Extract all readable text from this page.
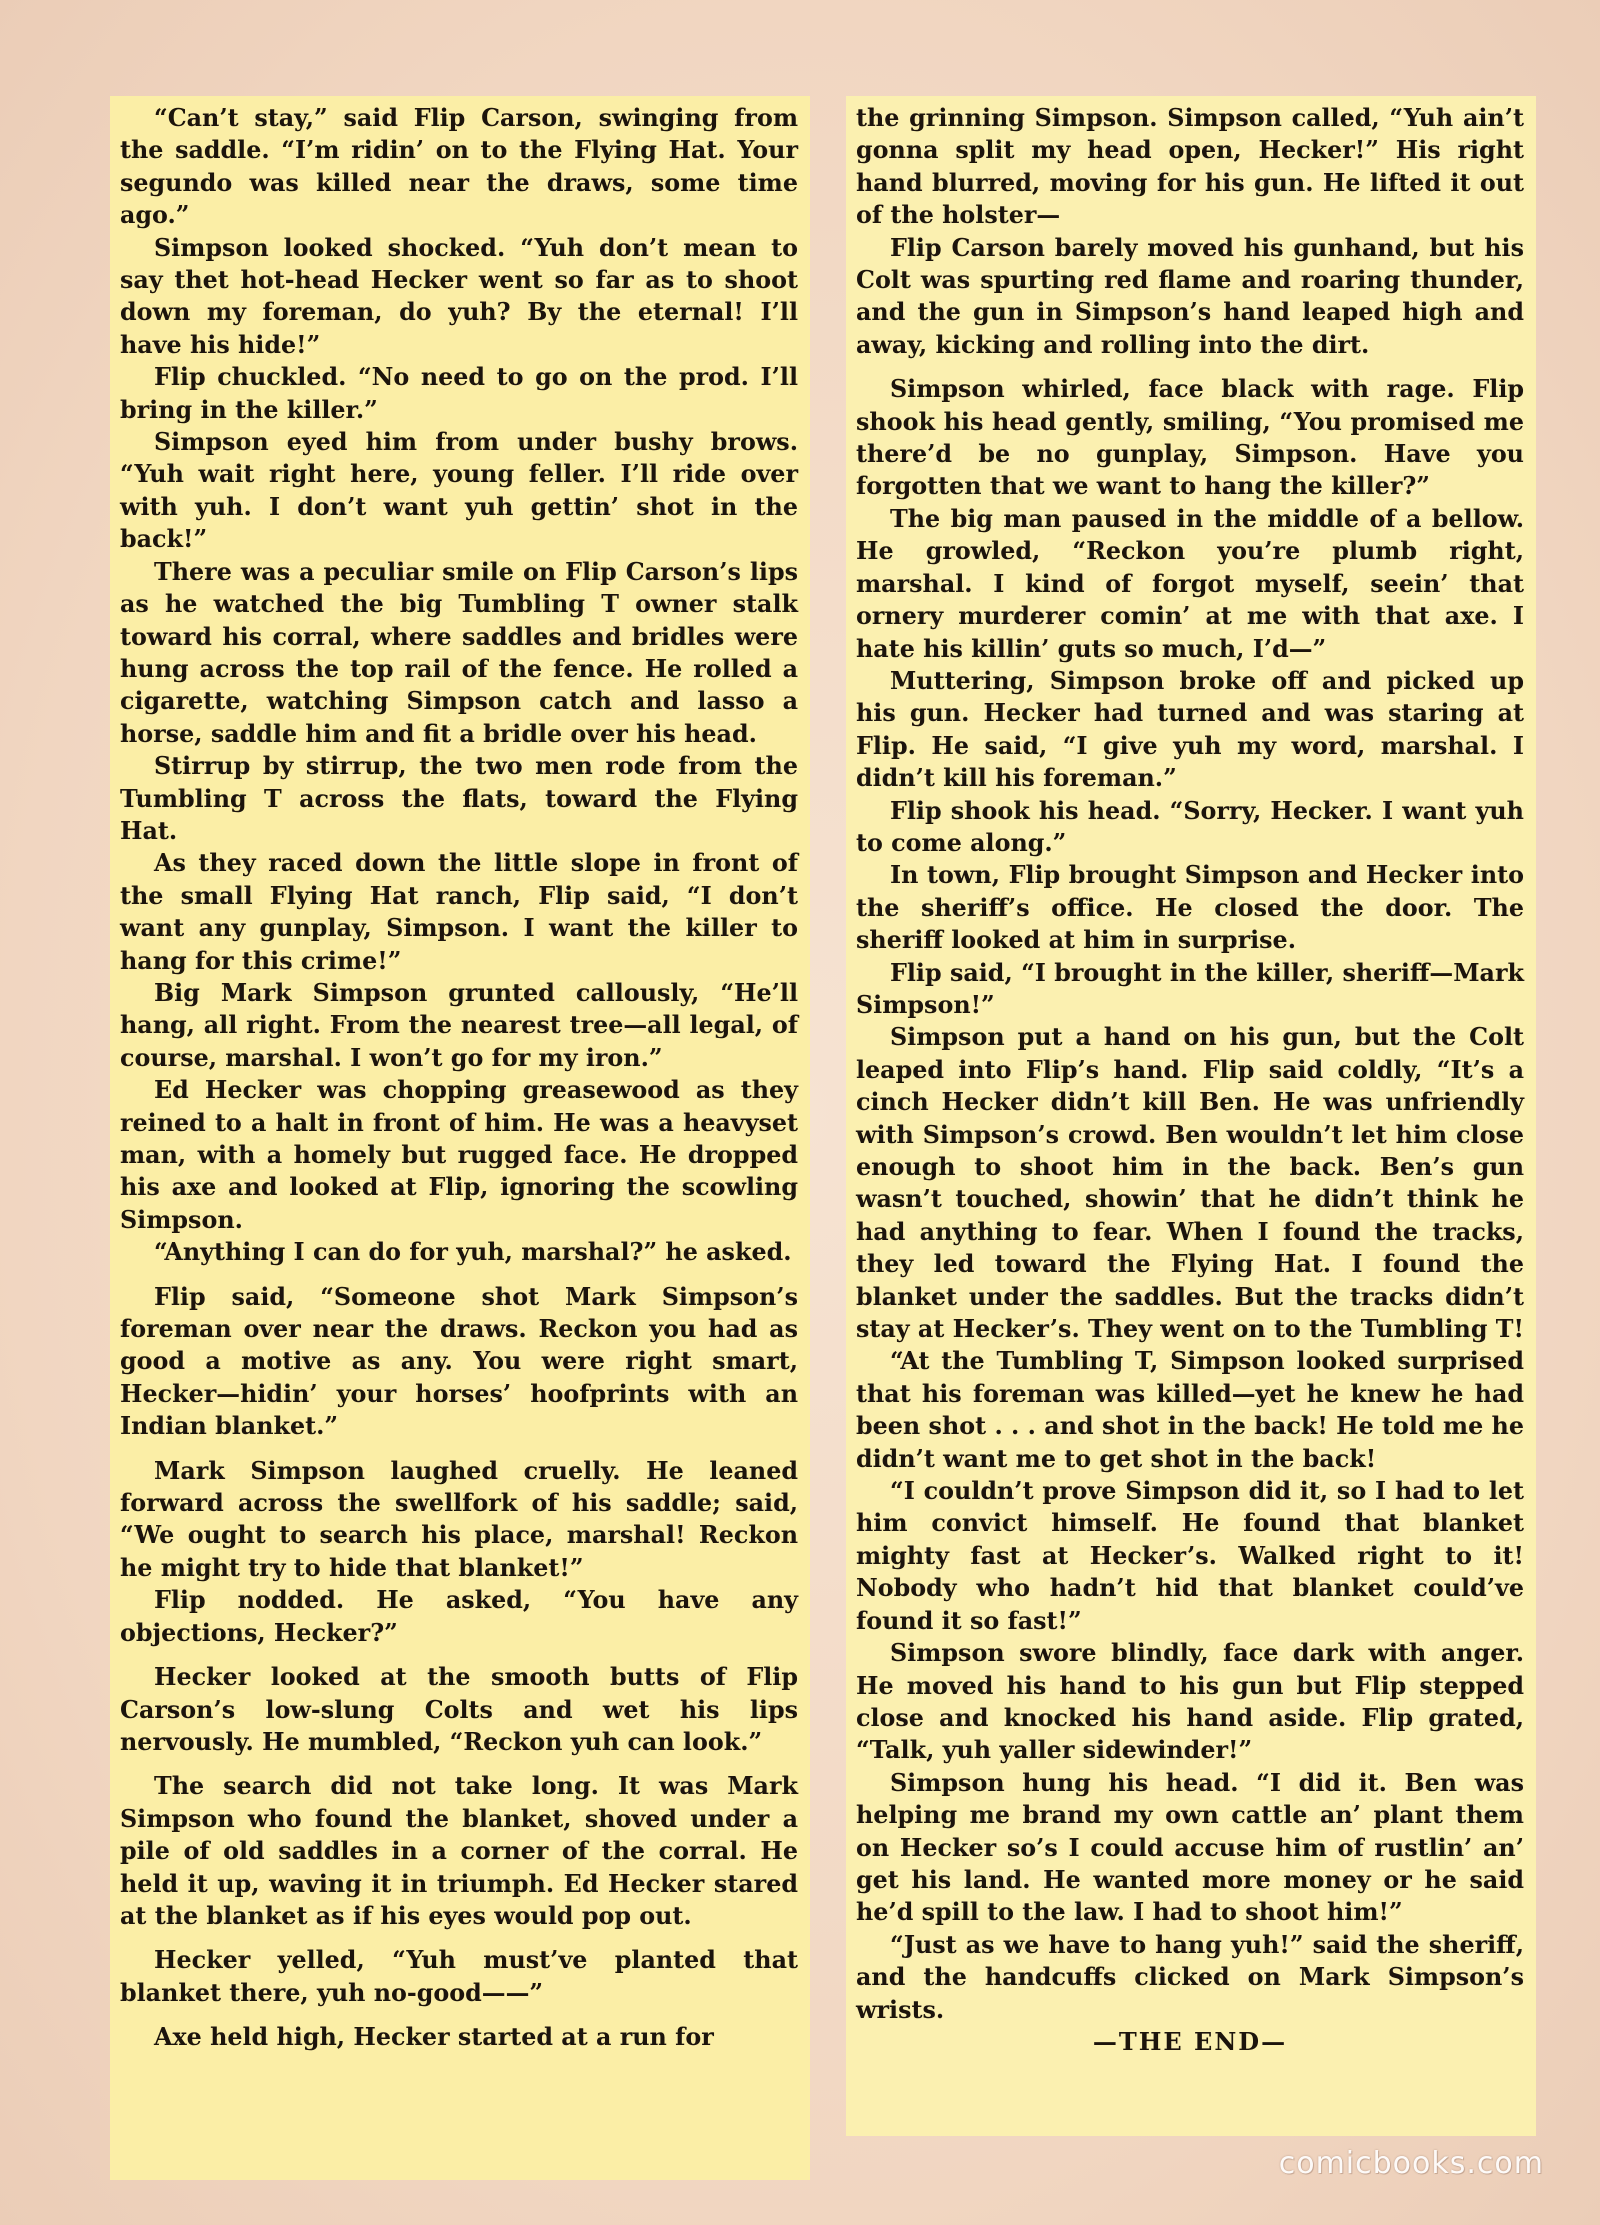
“Can’t stay,” said Flip Carson, swinging from the saddle. “I’m ridin’ on to the Flying Hat. Your segundo was killed near the draws, some time ago.”

Simpson looked shocked. “Yuh don’t mean to say thet hot-head Hecker went so far as to shoot down my foreman, do yuh? By the eternal! I’ll have his hide!”

Flip chuckled. “No need to go on the prod. I’ll bring in the killer.”

Simpson eyed him from under bushy brows. “Yuh wait right here, young feller. I’ll ride over with yuh. I don’t want yuh gettin’ shot in the back!”

There was a peculiar smile on Flip Carson’s lips as he watched the big Tumbling T owner stalk toward his corral, where saddles and bridles were hung across the top rail of the fence. He rolled a cigarette, watching Simpson catch and lasso a horse, saddle him and fit a bridle over his head.

Stirrup by stirrup, the two men rode from the Tumbling T across the flats, toward the Flying Hat.

As they raced down the little slope in front of the small Flying Hat ranch, Flip said, “I don’t want any gunplay, Simpson. I want the killer to hang for this crime!”

Big Mark Simpson grunted callously, “He’ll hang, all right. From the nearest tree—all legal, of course, marshal. I won’t go for my iron.”

Ed Hecker was chopping greasewood as they reined to a halt in front of him. He was a heavyset man, with a homely but rugged face. He dropped his axe and looked at Flip, ignoring the scowling Simpson.

“Anything I can do for yuh, marshal?” he asked.

Flip said, “Someone shot Mark Simpson’s foreman over near the draws. Reckon you had as good a motive as any. You were right smart, Hecker—hidin’ your horses’ hoofprints with an Indian blanket.”

Mark Simpson laughed cruelly. He leaned forward across the swellfork of his saddle; said, “We ought to search his place, marshal! Reckon he might try to hide that blanket!”

Flip nodded. He asked, “You have any objections, Hecker?”

Hecker looked at the smooth butts of Flip Carson’s low-slung Colts and wet his lips nervously. He mumbled, “Reckon yuh can look.”

The search did not take long. It was Mark Simpson who found the blanket, shoved under a pile of old saddles in a corner of the corral. He held it up, waving it in triumph. Ed Hecker stared at the blanket as if his eyes would pop out.

Hecker yelled, “Yuh must’ve planted that blanket there, yuh no-good——”

Axe held high, Hecker started at a run for

the grinning Simpson. Simpson called, “Yuh ain’t gonna split my head open, Hecker!” His right hand blurred, moving for his gun. He lifted it out of the holster—

Flip Carson barely moved his gunhand, but his Colt was spurting red flame and roaring thunder, and the gun in Simpson’s hand leaped high and away, kicking and rolling into the dirt.

Simpson whirled, face black with rage. Flip shook his head gently, smiling, “You promised me there’d be no gunplay, Simpson. Have you forgotten that we want to hang the killer?”

The big man paused in the middle of a bellow. He growled, “Reckon you’re plumb right, marshal. I kind of forgot myself, seein’ that ornery murderer comin’ at me with that axe. I hate his killin’ guts so much, I’d—”

Muttering, Simpson broke off and picked up his gun. Hecker had turned and was staring at Flip. He said, “I give yuh my word, marshal. I didn’t kill his foreman.”

Flip shook his head. “Sorry, Hecker. I want yuh to come along.”

In town, Flip brought Simpson and Hecker into the sheriff’s office. He closed the door. The sheriff looked at him in surprise.

Flip said, “I brought in the killer, sheriff—Mark Simpson!”

Simpson put a hand on his gun, but the Colt leaped into Flip’s hand. Flip said coldly, “It’s a cinch Hecker didn’t kill Ben. He was unfriendly with Simpson’s crowd. Ben wouldn’t let him close enough to shoot him in the back. Ben’s gun wasn’t touched, showin’ that he didn’t think he had anything to fear. When I found the tracks, they led toward the Flying Hat. I found the blanket under the saddles. But the tracks didn’t stay at Hecker’s. They went on to the Tumbling T!

“At the Tumbling T, Simpson looked surprised that his foreman was killed—yet he knew he had been shot . . . and shot in the back! He told me he didn’t want me to get shot in the back!

“I couldn’t prove Simpson did it, so I had to let him convict himself. He found that blanket mighty fast at Hecker’s. Walked right to it! Nobody who hadn’t hid that blanket could’ve found it so fast!”

Simpson swore blindly, face dark with anger. He moved his hand to his gun but Flip stepped close and knocked his hand aside. Flip grated, “Talk, yuh yaller sidewinder!”

Simpson hung his head. “I did it. Ben was helping me brand my own cattle an’ plant them on Hecker so’s I could accuse him of rustlin’ an’ get his land. He wanted more money or he said he’d spill to the law. I had to shoot him!”

“Just as we have to hang yuh!” said the sheriff, and the handcuffs clicked on Mark Simpson’s wrists.

—THE END—

comicbooks.com
